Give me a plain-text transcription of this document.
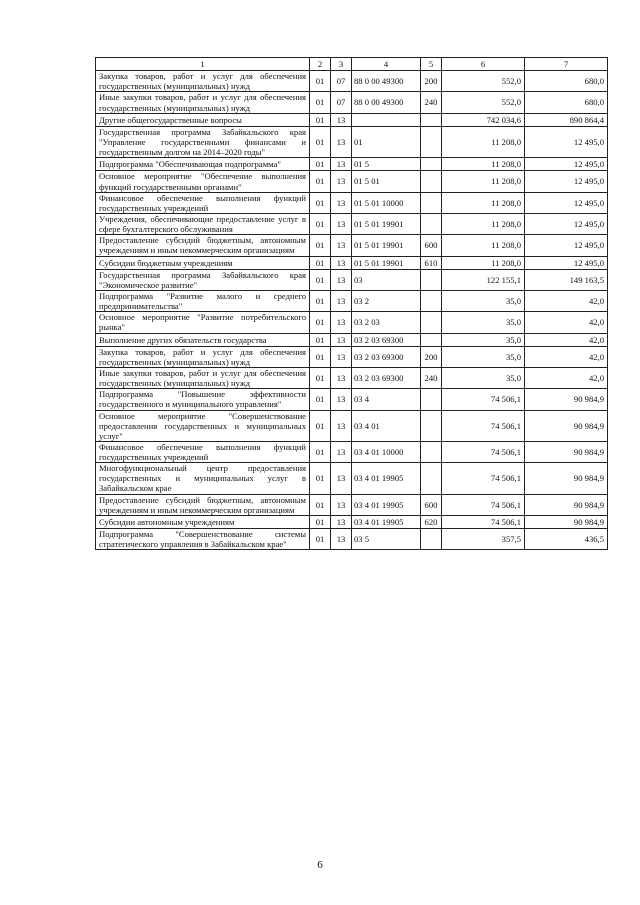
1	2	3	4	5	6	7
Закупка товаров, работ и услуг для обеспечения государственных (муниципальных) нужд	01	07	88 0 00 49300	200	552,0	680,0
Иные закупки товаров, работ и услуг для обеспечения государственных (муниципальных) нужд	01	07	88 0 00 49300	240	552,0	680,0
Другие общегосударственные вопросы	01	13			742 034,6	890 864,4
Государственная программа Забайкальского края "Управление государственными финансами и государственным долгом на 2014–2020 годы"	01	13	01		11 208,0	12 495,0
Подпрограмма "Обеспечивающая подпрограмма"	01	13	01 5		11 208,0	12 495,0
Основное мероприятие "Обеспечение выполнения функций государственными органами"	01	13	01 5 01		11 208,0	12 495,0
Финансовое обеспечение выполнения функций государственных учреждений	01	13	01 5 01 10000		11 208,0	12 495,0
Учреждения, обеспечивающие предоставление услуг в сфере бухгалтерского обслуживания	01	13	01 5 01 19901		11 208,0	12 495,0
Предоставление субсидий бюджетным, автономным учреждениям и иным некоммерческим организациям	01	13	01 5 01 19901	600	11 208,0	12 495,0
Субсидии бюджетным учреждениям	01	13	01 5 01 19901	610	11 208,0	12 495,0
Государственная программа Забайкальского края "Экономическое развитие"	01	13	03		122 155,1	149 163,5
Подпрограмма "Развитие малого и среднего предпринимательства"	01	13	03 2		35,0	42,0
Основное мероприятие "Развитие потребительского рынка"	01	13	03 2 03		35,0	42,0
Выполнение других обязательств государства	01	13	03 2 03 69300		35,0	42,0
Закупка товаров, работ и услуг для обеспечения государственных (муниципальных) нужд	01	13	03 2 03 69300	200	35,0	42,0
Иные закупки товаров, работ и услуг для обеспечения государственных (муниципальных) нужд	01	13	03 2 03 69300	240	35,0	42,0
Подпрограмма "Повышение эффективности государственного и муниципального управления"	01	13	03 4		74 506,1	90 984,9
Основное мероприятие "Совершенствование предоставления государственных и муниципальных услуг"	01	13	03 4 01		74 506,1	90 984,9
Финансовое обеспечение выполнения функций государственных учреждений	01	13	03 4 01 10000		74 506,1	90 984,9
Многофункциональный центр предоставления государственных и муниципальных услуг в Забайкальском крае	01	13	03 4 01 19905		74 506,1	90 984,9
Предоставление субсидий бюджетным, автономным учреждениям и иным некоммерческим организациям	01	13	03 4 01 19905	600	74 506,1	90 984,9
Субсидии автономным учреждениям	01	13	03 4 01 19905	620	74 506,1	90 984,9
Подпрограмма "Совершенствование системы стратегического управления в Забайкальском крае"	01	13	03 5		357,5	436,5
6
